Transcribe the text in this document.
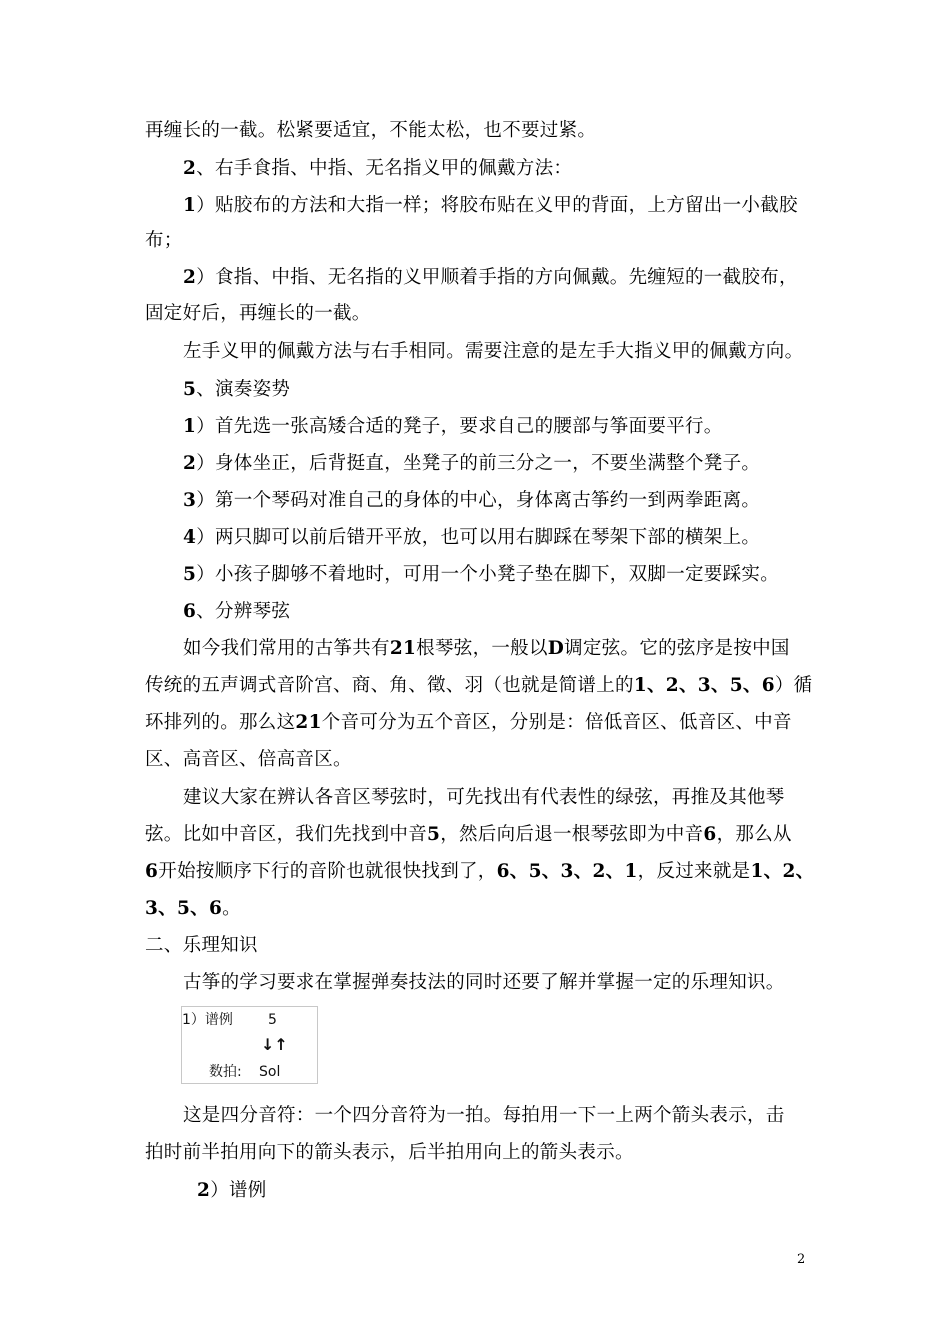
再缠长的一截。松紧要适宜，不能太松，也不要过紧。
2、右手食指、中指、无名指义甲的佩戴方法：
1）贴胶布的方法和大指一样；将胶布贴在义甲的背面，上方留出一小截胶
布；
2）食指、中指、无名指的义甲顺着手指的方向佩戴。先缠短的一截胶布，
固定好后，再缠长的一截。
左手义甲的佩戴方法与右手相同。需要注意的是左手大指义甲的佩戴方向。
5、演奏姿势
1）首先选一张高矮合适的凳子，要求自己的腰部与筝面要平行。
2）身体坐正，后背挺直，坐凳子的前三分之一，不要坐满整个凳子。
3）第一个琴码对准自己的身体的中心，身体离古筝约一到两拳距离。
4）两只脚可以前后错开平放，也可以用右脚踩在琴架下部的横架上。
5）小孩子脚够不着地时，可用一个小凳子垫在脚下，双脚一定要踩实。
6、分辨琴弦
如今我们常用的古筝共有21根琴弦，一般以D调定弦。它的弦序是按中国
传统的五声调式音阶宫、商、角、徵、羽（也就是简谱上的1、2、3、5、6）循
环排列的。那么这21个音可分为五个音区，分别是：倍低音区、低音区、中音
区、高音区、倍高音区。
建议大家在辨认各音区琴弦时，可先找出有代表性的绿弦，再推及其他琴
弦。比如中音区，我们先找到中音5，然后向后退一根琴弦即为中音6，那么从
6开始按顺序下行的音阶也就很快找到了，6、5、3、2、1，反过来就是1、2、
3、5、6。
二、乐理知识
古筝的学习要求在掌握弹奏技法的同时还要了解并掌握一定的乐理知识。
1）谱例	5
↓↑
数拍: Sol
这是四分音符：一个四分音符为一拍。每拍用一下一上两个箭头表示，击
拍时前半拍用向下的箭头表示，后半拍用向上的箭头表示。
2）谱例
2
